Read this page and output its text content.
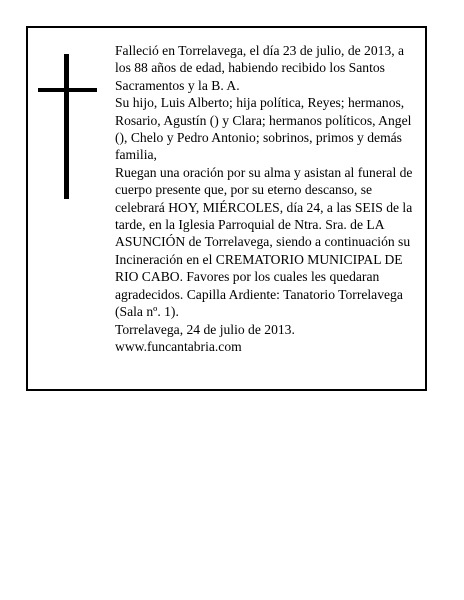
Falleció en Torrelavega, el día 23 de julio, de 2013, a los 88 años de edad, habiendo recibido los Santos Sacramentos y la B. A.

Su hijo, Luis Alberto; hija política, Reyes; hermanos, Rosario, Agustín () y Clara; hermanos políticos, Angel (), Chelo y Pedro Antonio; sobrinos, primos y demás familia,

Ruegan una oración por su alma y asistan al funeral de cuerpo presente que, por su eterno descanso, se celebrará HOY, MIÉRCOLES, día 24, a las SEIS de la tarde, en la Iglesia Parroquial de Ntra. Sra. de LA ASUNCIÓN de Torrelavega, siendo a continuación su Incineración en el CREMATORIO MUNICIPAL DE RIO CABO. Favores por los cuales les quedaran agradecidos. Capilla Ardiente: Tanatorio Torrelavega (Sala nº. 1).

Torrelavega, 24 de julio de 2013.

www.funcantabria.com
